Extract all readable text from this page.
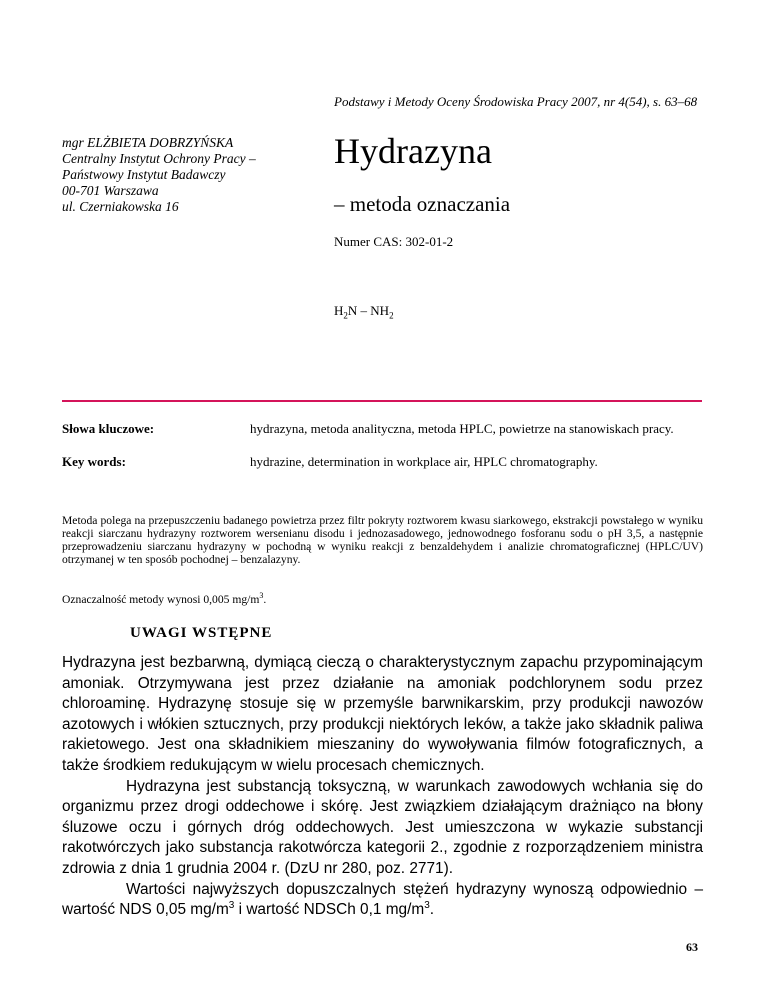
Podstawy i Metody Oceny Środowiska Pracy 2007, nr 4(54), s. 63–68
mgr ELŻBIETA DOBRZYŃSKA
Centralny Instytut Ochrony Pracy –
Państwowy Instytut Badawczy
00-701 Warszawa
ul. Czerniakowska 16
Hydrazyna
– metoda oznaczania
Numer CAS: 302-01-2
$H_2N - NH_2$
Słowa kluczowe:	hydrazyna, metoda analityczna, metoda HPLC, powietrze na stanowiskach pracy.
Key words:	hydrazine, determination in workplace air, HPLC chromatography.
Metoda polega na przepuszczeniu badanego powietrza przez filtr pokryty roztworem kwasu siarkowego, ekstrakcji powstałego w wyniku reakcji siarczanu hydrazyny roztworem wersenianu disodu i jednozasadowego, jednowodnego fosforanu sodu o pH 3,5, a następnie przeprowadzeniu siarczanu hydrazyny w pochodną w wyniku reakcji z benzaldehydem i analizie chromatograficznej (HPLC/UV) otrzymanej w ten sposób pochodnej – benzalazyny.
Oznaczalność metody wynosi 0,005 $mg/m^3$.
UWAGI WSTĘPNE

Hydrazyna jest bezbarwną, dymiącą cieczą o charakterystycznym zapachu przypominającym amoniak. Otrzymywana jest przez działanie na amoniak podchlorynem sodu przez chloroaminę. Hydrazynę stosuje się w przemyśle barwnikarskim, przy produkcji nawozów azotowych i włókien sztucznych, przy produkcji niektórych leków, a także jako składnik paliwa rakietowego. Jest ona składnikiem mieszaniny do wywoływania filmów fotograficznych, a także środkiem redukującym w wielu procesach chemicznych.

Hydrazyna jest substancją toksyczną, w warunkach zawodowych wchłania się do organizmu przez drogi oddechowe i skórę. Jest związkiem działającym drażniąco na błony śluzowe oczu i górnych dróg oddechowych. Jest umieszczona w wykazie substancji rakotwórczych jako substancja rakotwórcza kategorii 2., zgodnie z rozporządzeniem ministra zdrowia z dnia 1 grudnia 2004 r. (DzU nr 280, poz. 2771).

Wartości najwyższych dopuszczalnych stężeń hydrazyny wynoszą odpowiednio – wartość NDS 0,05 $mg/m^3$ i wartość NDSCh 0,1 $mg/m^3$.

63
